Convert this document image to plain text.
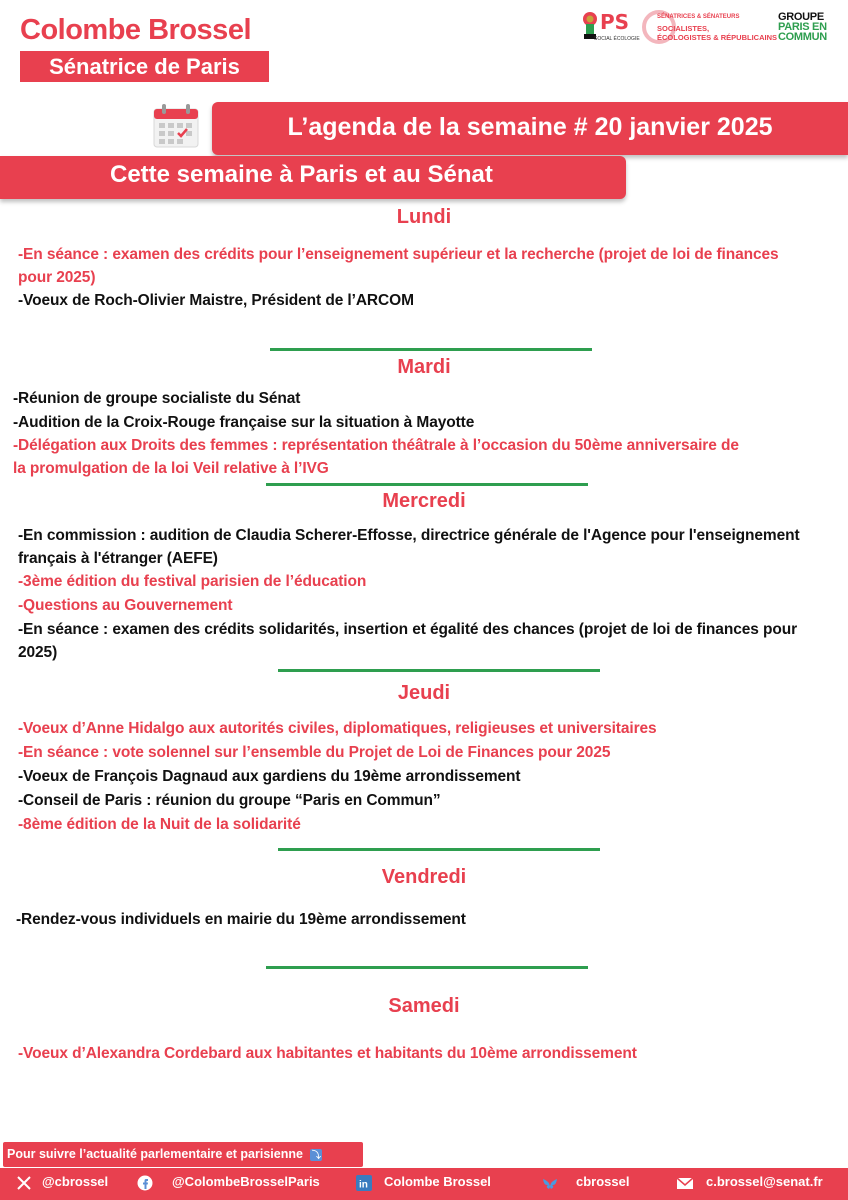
Colombe Brossel
Sénatrice de Paris
PS
SOCIAL ÉCOLOGIE
SÉNATRICES & SÉNATEURS
SOCIALISTES,
ÉCOLOGISTES & RÉPUBLICAINS
GROUPE
PARIS EN
COMMUN
L’agenda de la semaine # 20 janvier 2025
Cette semaine à Paris et au Sénat
Lundi
-En séance : examen des crédits pour l’enseignement supérieur et la recherche (projet de loi de finances
pour 2025)
-Voeux de Roch-Olivier Maistre, Président de l’ARCOM
Mardi
-Réunion de groupe socialiste du Sénat
-Audition de la Croix-Rouge française sur la situation à Mayotte
-Délégation aux Droits des femmes : représentation théâtrale à l’occasion du 50ème anniversaire de
la promulgation de la loi Veil relative à l’IVG
Mercredi
-En commission : audition de Claudia Scherer-Effosse, directrice générale de l'Agence pour l'enseignement
français à l'étranger (AEFE)
-3ème édition du festival parisien de l’éducation
-Questions au Gouvernement
-En séance : examen des crédits solidarités, insertion et égalité des chances (projet de loi de finances pour
2025)
Jeudi
-Voeux d’Anne Hidalgo aux autorités civiles, diplomatiques, religieuses et universitaires
-En séance : vote solennel sur l’ensemble du Projet de Loi de Finances pour 2025
-Voeux de François Dagnaud aux gardiens du 19ème arrondissement
-Conseil de Paris : réunion du groupe “Paris en Commun”
-8ème édition de la Nuit de la solidarité
Vendredi
-Rendez-vous individuels en mairie du 19ème arrondissement
Samedi
-Voeux d’Alexandra Cordebard aux habitantes et habitants du 10ème arrondissement
Pour suivre l’actualité parlementaire et parisienne ⤵
@cbrossel	@ColombeBrosselParis	in Colombe Brossel	cbrossel	c.brossel@senat.fr
